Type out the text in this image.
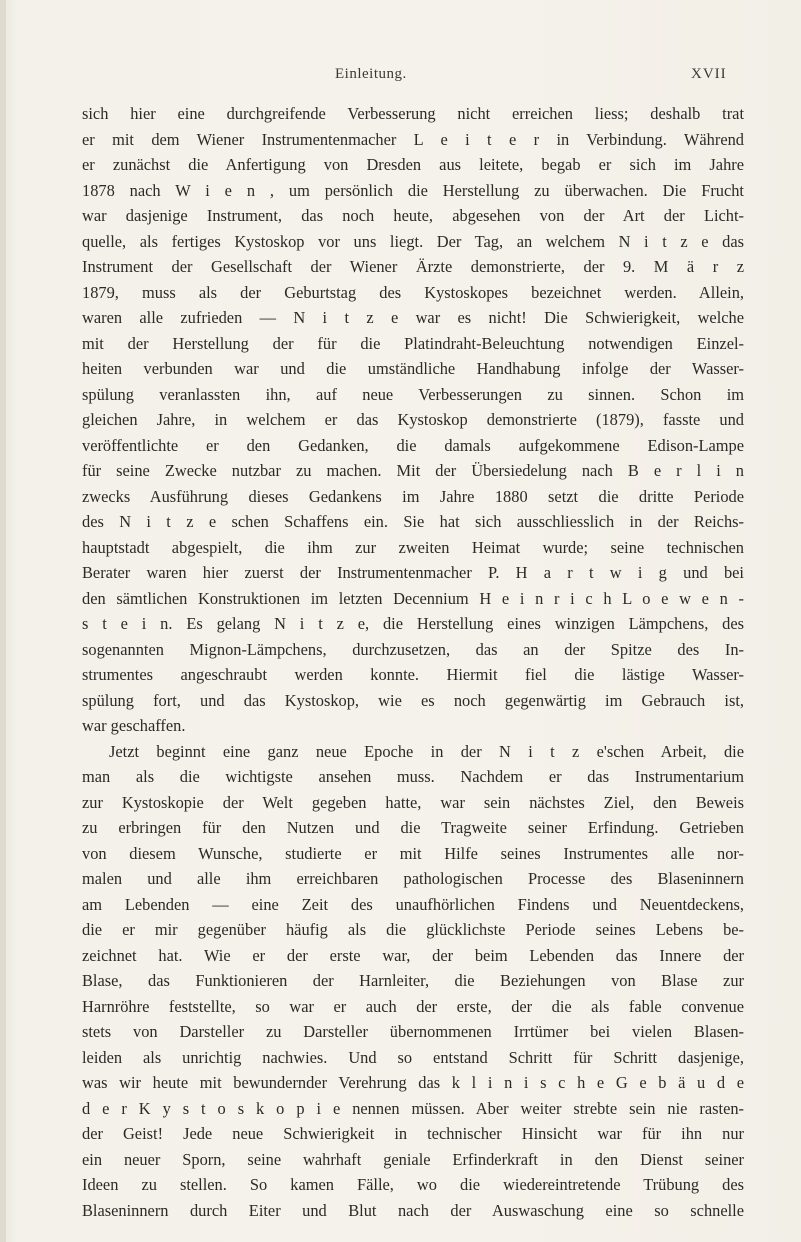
Einleitung.	XVII
sich hier eine durchgreifende Verbesserung nicht erreichen liess; deshalb trat
er mit dem Wiener Instrumentenmacher L e i t e r in Verbindung. Während
er zunächst die Anfertigung von Dresden aus leitete, begab er sich im Jahre
1878 nach W i e n , um persönlich die Herstellung zu überwachen. Die Frucht
war dasjenige Instrument, das noch heute, abgesehen von der Art der Licht-
quelle, als fertiges Kystoskop vor uns liegt. Der Tag, an welchem N i t z e das
Instrument der Gesellschaft der Wiener Ärzte demonstrierte, der 9. M ä r z
1879, muss als der Geburtstag des Kystoskopes bezeichnet werden. Allein,
waren alle zufrieden — N i t z e war es nicht! Die Schwierigkeit, welche
mit der Herstellung der für die Platindraht-Beleuchtung notwendigen Einzel-
heiten verbunden war und die umständliche Handhabung infolge der Wasser-
spülung veranlassten ihn, auf neue Verbesserungen zu sinnen. Schon im
gleichen Jahre, in welchem er das Kystoskop demonstrierte (1879), fasste und
veröffentlichte er den Gedanken, die damals aufgekommene Edison-Lampe
für seine Zwecke nutzbar zu machen. Mit der Übersiedelung nach B e r l i n
zwecks Ausführung dieses Gedankens im Jahre 1880 setzt die dritte Periode
des N i t z e schen Schaffens ein. Sie hat sich ausschliesslich in der Reichs-
hauptstadt abgespielt, die ihm zur zweiten Heimat wurde; seine technischen
Berater waren hier zuerst der Instrumentenmacher P. H a r t w i g und bei
den sämtlichen Konstruktionen im letzten Decennium H e i n r i c h L o e w e n -
s t e i n. Es gelang N i t z e, die Herstellung eines winzigen Lämpchens, des
sogenannten Mignon-Lämpchens, durchzusetzen, das an der Spitze des In-
strumentes angeschraubt werden konnte. Hiermit fiel die lästige Wasser-
spülung fort, und das Kystoskop, wie es noch gegenwärtig im Gebrauch ist,
war geschaffen.
Jetzt beginnt eine ganz neue Epoche in der N i t z e'schen Arbeit, die
man als die wichtigste ansehen muss. Nachdem er das Instrumentarium
zur Kystoskopie der Welt gegeben hatte, war sein nächstes Ziel, den Beweis
zu erbringen für den Nutzen und die Tragweite seiner Erfindung. Getrieben
von diesem Wunsche, studierte er mit Hilfe seines Instrumentes alle nor-
malen und alle ihm erreichbaren pathologischen Processe des Blaseninnern
am Lebenden — eine Zeit des unaufhörlichen Findens und Neuentdeckens,
die er mir gegenüber häufig als die glücklichste Periode seines Lebens be-
zeichnet hat. Wie er der erste war, der beim Lebenden das Innere der
Blase, das Funktionieren der Harnleiter, die Beziehungen von Blase zur
Harnröhre feststellte, so war er auch der erste, der die als fable convenue
stets von Darsteller zu Darsteller übernommenen Irrtümer bei vielen Blasen-
leiden als unrichtig nachwies. Und so entstand Schritt für Schritt dasjenige,
was wir heute mit bewundernder Verehrung das k l i n i s c h e G e b ä u d e
d e r K y s t o s k o p i e nennen müssen. Aber weiter strebte sein nie rasten-
der Geist! Jede neue Schwierigkeit in technischer Hinsicht war für ihn nur
ein neuer Sporn, seine wahrhaft geniale Erfinderkraft in den Dienst seiner
Ideen zu stellen. So kamen Fälle, wo die wiedereintretende Trübung des
Blaseninnern durch Eiter und Blut nach der Auswaschung eine so schnelle
